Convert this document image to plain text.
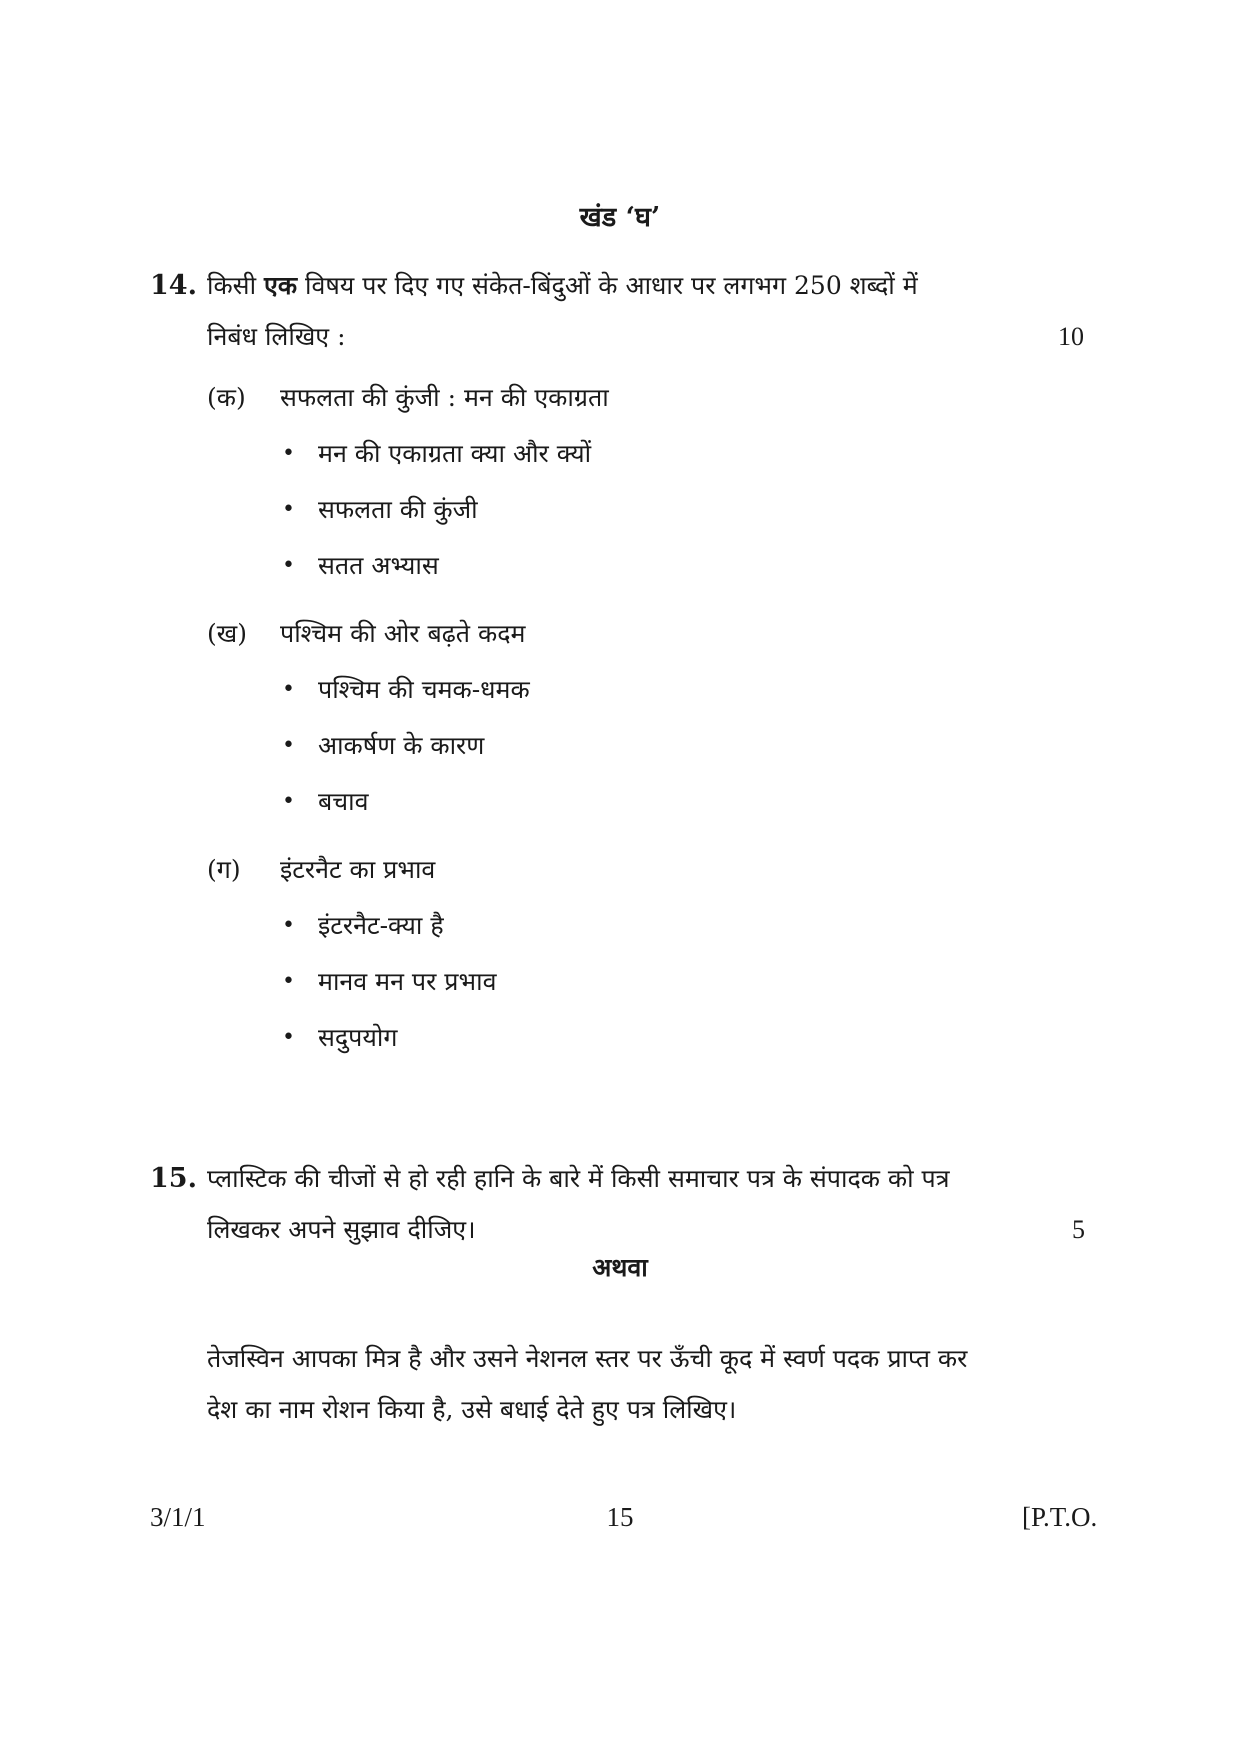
खंड ‘घ’
14. किसी एक विषय पर दिए गए संकेत-बिंदुओं के आधार पर लगभग 250 शब्दों में
निबंध लिखिए :	10
(क) सफलता की कुंजी : मन की एकाग्रता
• मन की एकाग्रता क्या और क्यों
• सफलता की कुंजी
• सतत अभ्यास
(ख) पश्चिम की ओर बढ़ते कदम
• पश्चिम की चमक-धमक
• आकर्षण के कारण
• बचाव
(ग) इंटरनैट का प्रभाव
• इंटरनैट-क्या है
• मानव मन पर प्रभाव
• सदुपयोग
15. प्लास्टिक की चीजों से हो रही हानि के बारे में किसी समाचार पत्र के संपादक को पत्र
लिखकर अपने सुझाव दीजिए।	5
अथवा
तेजस्विन आपका मित्र है और उसने नेशनल स्तर पर ऊँची कूद में स्वर्ण पदक प्राप्त कर
देश का नाम रोशन किया है, उसे बधाई देते हुए पत्र लिखिए।
3/1/1	15	[P.T.O.
